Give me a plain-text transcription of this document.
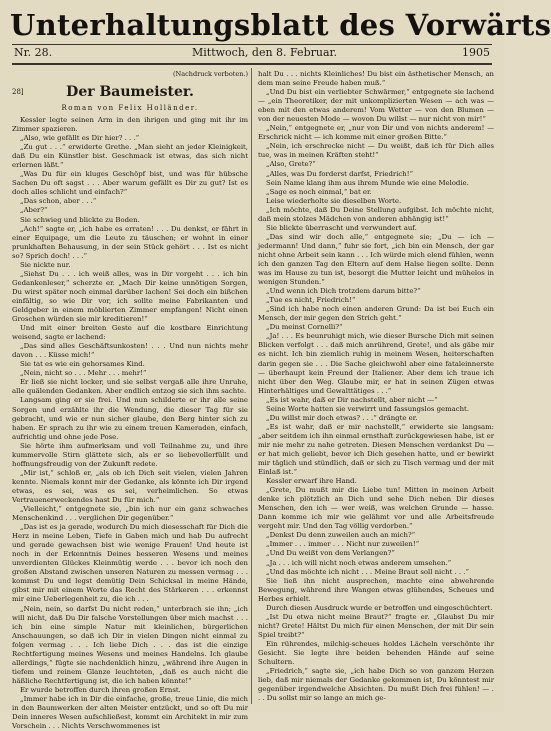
Unterhaltungsblatt des Vorwärts
Nr. 28.	Mittwoch, den 8. Februar.	1905
(Nachdruck verboten.)
28]	Der Baumeister.
Roman von Felix Holländer.

Kessler legte seinen Arm in den ihrigen und ging mit ihr im Zimmer spazieren.

„Also, wie gefällt es Dir hier? . . .“

„Zu gut . . .“ erwiderte Grethe. „Man sieht an jeder Kleinigkeit, daß Du ein Künstler bist. Geschmack ist etwas, das sich nicht erlernen läßt.“

„Was Du für ein kluges Geschöpf bist, und was für hübsche Sachen Du oft sagst . . . Aber warum gefällt es Dir zu gut? Ist es doch alles schlicht und einfach?“

„Das schon, aber . . .“

„Aber?“

Sie schwieg und blickte zu Boden.

„Ach!“ sagte er, „ich habe es erraten! . . . Du denkst, er fährt in einer Equipage, um die Leute zu täuschen; er wohnt in einer prunkhaften Behausung, in der sein Stück gehört . . . Ist es nicht so? Sprich doch! . . .“

Sie nickte nur.

„Siehst Du . . . ich weiß alles, was in Dir vorgeht . . . ich bin Gedankenleser,“ scherzte er. „Mach Dir keine unnötigen Sorgen, Du wirst später noch einmal darüber lachen! Sei doch ein bißchen einfältig, so wie Dir vor, ich sollte meine Fabrikanten und Geldgeber in einem möblierten Zimmer empfangen! Nicht einen Groschen würden sie mir kreditieren!“

Und mit einer breiten Geste auf die kostbare Einrichtung weisend, sagte er lachend:

„Das sind alles Geschäftsunkosten! . . . Und nun nichts mehr davon . . . Küsse mich!“

Sie tat es wie ein gehorsames Kind.

„Nein, nicht so . . . Mehr . . . mehr!“

Er ließ sie nicht locker, und sie selbst vergaß alle ihre Unruhe, alle quälenden Gedanken. Aber endlich entzog sie sich ihm sachte.

Langsam ging er sie frei. Und nun schilderte er ihr alle seine Sorgen und erzählte ihr die Wendung, die dieser Tag für sie gebracht, und wie er nun sicher glaube, den Berg hinter sich zu haben. Er sprach zu ihr wie zu einem treuen Kameraden, einfach, aufrichtig und ohne jede Pose.

Sie hörte ihm aufmerksam und voll Teilnahme zu, und ihre kummervolle Stirn glättete sich, als er so liebevollerfüllt und hoffnungsfreudig von der Zukunft redete.

„Mir ist,“ schloß er, „als ob ich Dich seit vielen, vielen Jahren kennte. Niemals konnt mir der Gedanke, als könnte ich Dir irgend etwas, es sei, was es sei, verheimlichen. So etwas Vertrauenerweckendes hast Du für mich.“

„Vielleicht,“ entgegnete sie, „bin ich nur ein ganz schwaches Menschenkind . . . verglichen Dir gegenüber.“

„Das ist es ja gerade, wodurch Du mich diesesschaft für Dich die Herz in meine Leben, Tiefe in Gaben mich und hab Du aufrecht und gerade gewachsen bist wie wenige Frauen! Und heute ist noch in der Erkenntnis Deines besseren Wesens und meines unverdienten Glückes Kleinmütig werde . . . bevor ich noch den großen Abstand zwischen unseren Naturen zu messen vermag . . . kommst Du und legst demütig Dein Schicksal in meine Hände, gibst mir mit einem Worte das Recht des Stärkeren . . . erkennst mir eine Ueberlegenheit zu, die ich . . .

„Nein, nein, so darfst Du nicht reden,“ unterbrach sie ihn; „ich will nicht, daß Du Dir falsche Vorstellungen über mich machst . . . ich bin eine simple Natur mit kleinlichen, bürgerlichen Anschauungen, so daß ich Dir in vielen Dingen nicht einmal zu folgen vermag . . . Ich liebe Dich . . . das ist die einzige Rechtfertigung meines Wesens und meines Handelns. Ich glaube allerdings,“ fügte sie nachdenklich hinzu, „während ihre Augen in tiefem und reinem Glanze leuchteten, „daß es auch nicht die häßliche Rechtfertigung ist, die ich haben könnte!“

Er wurde betroffen durch ihren großen Ernst.

„Immer habe ich in Dir die einfache, große, treue Linie, die mich in den Baumwerken der alten Meister entzückt, und so oft Du mir Dein inneres Wesen aufschließest, kommt ein Architekt in mir zum Vorschein . . . Nichts Verschwommenes ist

halt Du . . . nichts Kleinliches! Du bist ein ästhetischer Mensch, an dem man seine Freude haben muß.“

„Und Du bist ein verliebter Schwärmer,“ entgegnete sie lachend — „ein Theoretiker, der mit unkomplizierten Wesen — ach was — eben mit den etwas anderem! Vom Wetter — von den Blumen — von der neuesten Mode — wovon Du willst — nur nicht von mir!“

„Nein,“ entgegnete er, „nur von Dir und von nichts anderem! — Erschrick nicht — ich komme mit einer großen Bitte.“

„Nein, ich erschrecke nicht — Du weißt, daß ich für Dich alles tue, was in meinen Kräften steht!“

„Also, Grete?“

„Alles, was Du forderst darfst, Friedrich!“

Sein Name klang ihm aus ihrem Munde wie eine Melodie.

„Sage es noch einmal,“ bat er.

Leise wiederholte sie dieselben Worte.

„Ich möchte, daß Du Deine Stellung aufgibst. Ich möchte nicht, daß mein stolzes Mädchen von anderen abhängig ist!“

Sie blickte überrascht und verwundert auf.

„Das sind wir doch alle,“ entgegnete sie; „Du — ich — jedermann! Und dann,“ fuhr sie fort, „ich bin ein Mensch, der gar nicht ohne Arbeit sein kann . . . Ich würde mich elend fühlen, wenn ich den ganzen Tag den Eltern auf dem Halse liegen sollte. Denn was im Hause zu tun ist, besorgt die Mutter leicht und mühelos in wenigen Stunden.“

„Und wenn ich Dich trotzdem darum bitte?“

„Tue es nicht, Friedrich!“

„Sind ich habe noch einen anderen Grund: Da ist bei Euch ein Mensch, der mir gegen den Strich geht.“

„Du meinst Cornelli?“

„Ja! . . . Es beunruhigt mich, wie dieser Bursche Dich mit seinen Blicken verfolgt . . . daß mich anrührend, Grete!, und als gäbe mir es nicht. Ich bin ziemlich ruhig in meinem Wesen, heiterschaften darin gegen sie . . . Die Sache gleichwohl aber eine fataleinnerste — überhaupt kein Freund der Italiener. Aber dem ich traue ich nicht über den Weg. Glaube mir, er hat in seinen Zügen etwas Hinterhältiges und Gewalttätiges . . .“

„Es ist wahr, daß er Dir nachstellt, aber nicht —“

Seine Worte hatten sie verwirrt und fassungslos gemacht.

„Du willst mir doch etwas? . . .“ drängte er.

„Es ist wahr, daß er mir nachstellt,“ erwiderte sie langsam: „aber seitdem ich ihn einmal ernsthaft zurückgewiesen habe, ist er mir nie mehr zu nahe getreten. Diesen Menschen verdankst Du — er hat mich geliebt, bevor ich Dich gesehen hatte, und er bewirkt mir täglich und stündlich, daß er sich zu Tisch vermag und der mit Einlaß ist.“

Kessler erwarf ihre Hand.

„Grete, Du mußt mir die Liebe tun! Mitten in meinen Arbeit denke ich plötzlich an Dich und sehe Dich neben Dir dieses Menschen, den ich — wer weiß, was welchen Grunde — hasse. Dann komme ich mir wie gelähmt vor und alle Arbeitsfreude vergeht mir. Und den Tag völlig verdorben.“

„Denkst Du denn zuweilen auch an mich?“

„Immer . . . immer . . . Nicht nur zuweilen!“

„Und Du weißt von dem Verlangen?“

„Ja . . . ich will nicht noch etwas anderem umsehen.“

„Und das möchte ich nicht . . . Meine Braut soll nicht . . .“

Sie ließ ihn nicht ausprechen, machte eine abwehrende Bewegung, während ihre Wangen etwas glühendes, Scheues und Herbes erhielt.

Durch diesen Ausdruck wurde er betroffen und eingeschüchtert.

„Ist Du etwa nicht meine Braut?“ fragte er. „Glaubst Du mir nicht? Grete! Hältst Du mich für einen Menschen, der mit Dir sein Spiel treibt?“

Ein rührendes, milchig-scheues holdes Lächeln verschönte ihr Gesicht. Sie legte ihre beiden behenden Hände auf seine Schultern.

„Friedrich,“ sagte sie, „ich habe Dich so von ganzem Herzen lieb, daß mir niemals der Gedanke gekommen ist, Du könntest mir gegenüber irgendwelche Absichten. Du mußt Dich frei fühlen! — . . . Du sollst mir so lange an mich ge-
